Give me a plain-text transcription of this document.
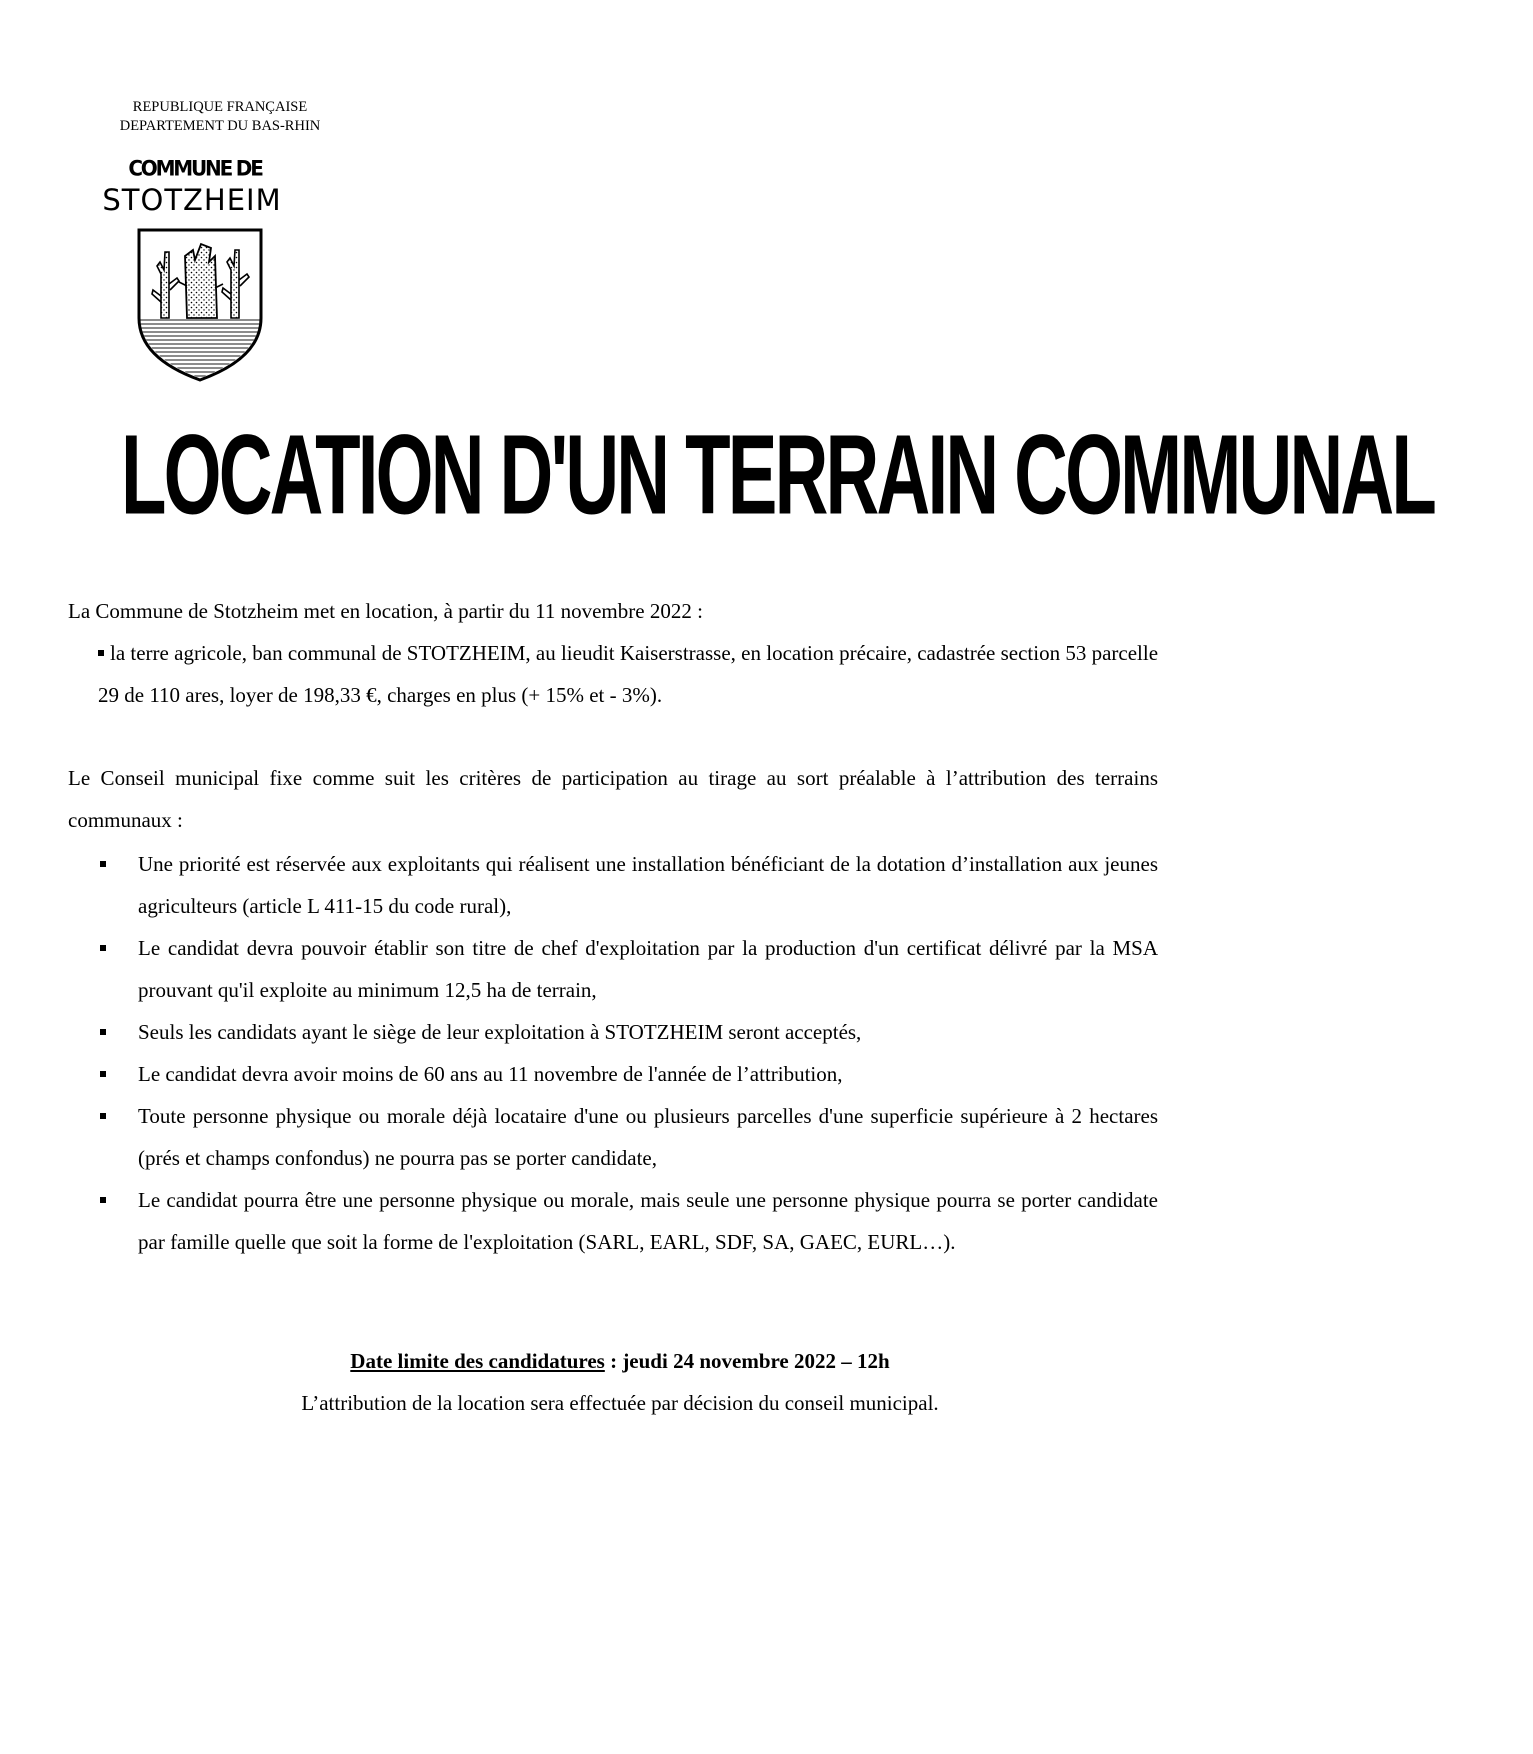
REPUBLIQUE FRANÇAISE
DEPARTEMENT DU BAS-RHIN
COMMUNE DE
STOTZHEIM
LOCATION D'UN TERRAIN COMMUNAL
La Commune de Stotzheim met en location, à partir du 11 novembre 2022 :
la terre agricole, ban communal de STOTZHEIM, au lieudit Kaiserstrasse, en location précaire, cadastrée section 53 parcelle 29 de 110 ares, loyer de 198,33 €, charges en plus (+ 15% et - 3%).
Le Conseil municipal fixe comme suit les critères de participation au tirage au sort préalable à l’attribution des terrains communaux :
Une priorité est réservée aux exploitants qui réalisent une installation bénéficiant de la dotation d’installation aux jeunes agriculteurs (article L 411-15 du code rural),
Le candidat devra pouvoir établir son titre de chef d'exploitation par la production d'un certificat délivré par la MSA prouvant qu'il exploite au minimum 12,5 ha de terrain,
Seuls les candidats ayant le siège de leur exploitation à STOTZHEIM seront acceptés,
Le candidat devra avoir moins de 60 ans au 11 novembre de l'année de l’attribution,
Toute personne physique ou morale déjà locataire d'une ou plusieurs parcelles d'une superficie supérieure à 2 hectares (prés et champs confondus) ne pourra pas se porter candidate,
Le candidat pourra être une personne physique ou morale, mais seule une personne physique pourra se porter candidate par famille quelle que soit la forme de l'exploitation (SARL, EARL, SDF, SA, GAEC, EURL…).
Date limite des candidatures : jeudi 24 novembre 2022 – 12h
L’attribution de la location sera effectuée par décision du conseil municipal.
